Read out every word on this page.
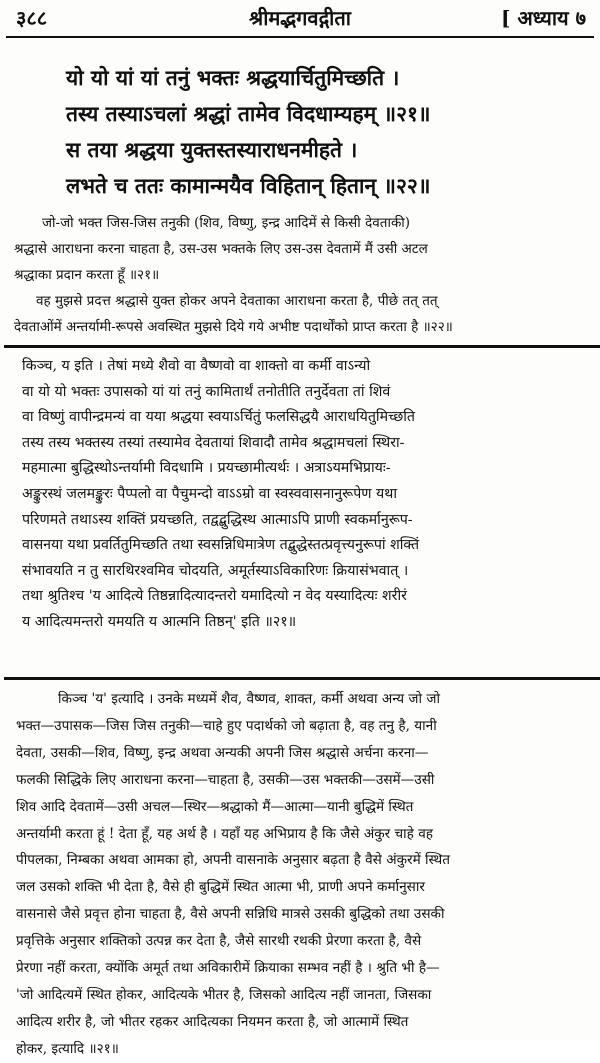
श्रीमद्भगवद्गीता
३८८	[ अध्याय ७
यो यो यां यां तनुं भक्तः श्रद्धयार्चितुमिच्छति ।
तस्य तस्याऽचलां श्रद्धां तामेव विदधाम्यहम् ॥२१॥
स तया श्रद्धया युक्तस्तस्याराधनमीहते ।
लभते च ततः कामान्मयैव विहितान् हितान् ॥२२॥

जो-जो भक्त जिस-जिस तनुकी (शिव, विष्णु, इन्द्र आदिमें से किसी देवताकी)

श्रद्धासे आराधना करना चाहता है, उस-उस भक्तके लिए उस-उस देवतामें मैं उसी अटल

श्रद्धाका प्रदान करता हूँ ॥२१॥

वह मुझसे प्रदत्त श्रद्धासे युक्त होकर अपने देवताका आराधना करता है, पीछे तत् तत्

देवताओंमें अन्तर्यामी-रूपसे अवस्थित मुझसे दिये गये अभीष्ट पदार्थोंको प्राप्त करता है ॥२२॥

किञ्च, य इति । तेषां मध्ये शैवो वा वैष्णवो वा शाक्तो वा कर्मी वाऽन्यो

वा यो यो भक्तः उपासको यां यां तनुं कामितार्थं तनोतीति तनुर्देवता तां शिवं

वा विष्णुं वापीन्द्रमन्यं वा यया श्रद्धया स्वयाऽर्चितुं फलसिद्धयै आराधयितुमिच्छति

तस्य तस्य भक्तस्य तस्यां तस्यामेव देवतायां शिवादौ तामेव श्रद्धामचलां स्थिरा-

महमात्मा बुद्धिस्थोऽन्तर्यामी विदधामि । प्रयच्छामीत्यर्थः । अत्राऽयमभिप्रायः-

अङ्कुरस्थं जलमङ्कुरः पैप्पलो वा पैचुमन्दो वाऽऽम्रो वा स्वस्ववासनानुरूपेण यथा

परिणमते तथाऽस्य शक्तिं प्रयच्छति, तद्वद्बुद्धिस्थ आत्माऽपि प्राणी स्वकर्मानुरूप-

वासनया यथा प्रवर्तितुमिच्छति तथा स्वसन्निधिमात्रेण तद्बुद्धेस्तत्प्रवृत्त्यनुरूपां शक्तिं

संभावयति न तु सारथिरश्वमिव चोदयति, अमूर्तस्याऽविकारिणः क्रियासंभवात् ।

तथा श्रुतिश्च 'य आदित्ये तिष्ठन्नादित्यादन्तरो यमादित्यो न वेद यस्यादित्यः शरीरं

य आदित्यमन्तरो यमयति य आत्मनि तिष्ठन्' इति ॥२१॥

किञ्च 'य' इत्यादि । उनके मध्यमें शैव, वैष्णव, शाक्त, कर्मी अथवा अन्य जो जो

भक्त—उपासक—जिस जिस तनुकी—चाहे हुए पदार्थको जो बढ़ाता है, वह तनु है, यानी

देवता, उसकी—शिव, विष्णु, इन्द्र अथवा अन्यकी अपनी जिस श्रद्धासे अर्चना करना—

फलकी सिद्धिके लिए आराधना करना—चाहता है, उसकी—उस भक्तकी—उसमें—उसी

शिव आदि देवतामें—उसी अचल—स्थिर—श्रद्धाको मैं—आत्मा—यानी बुद्धिमें स्थित

अन्तर्यामी करता हूं ! देता हूँ, यह अर्थ है । यहाँ यह अभिप्राय है कि जैसे अंकुर चाहे वह

पीपलका, निम्बका अथवा आमका हो, अपनी वासनाके अनुसार बढ़ता है वैसे अंकुरमें स्थित

जल उसको शक्ति भी देता है, वैसे ही बुद्धिमें स्थित आत्मा भी, प्राणी अपने कर्मानुसार

वासनासे जैसे प्रवृत्त होना चाहता है, वैसे अपनी सन्निधि मात्रसे उसकी बुद्धिको तथा उसकी

प्रवृत्तिके अनुसार शक्तिको उत्पन्न कर देता है, जैसे सारथी रथकी प्रेरणा करता है, वैसे

प्रेरणा नहीं करता, क्योंकि अमूर्त तथा अविकारीमें क्रियाका सम्भव नहीं है । श्रुति भी है—

'जो आदित्यमें स्थित होकर, आदित्यके भीतर है, जिसको आदित्य नहीं जानता, जिसका

आदित्य शरीर है, जो भीतर रहकर आदित्यका नियमन करता है, जो आत्मामें स्थित

होकर, इत्यादि ॥२१॥
